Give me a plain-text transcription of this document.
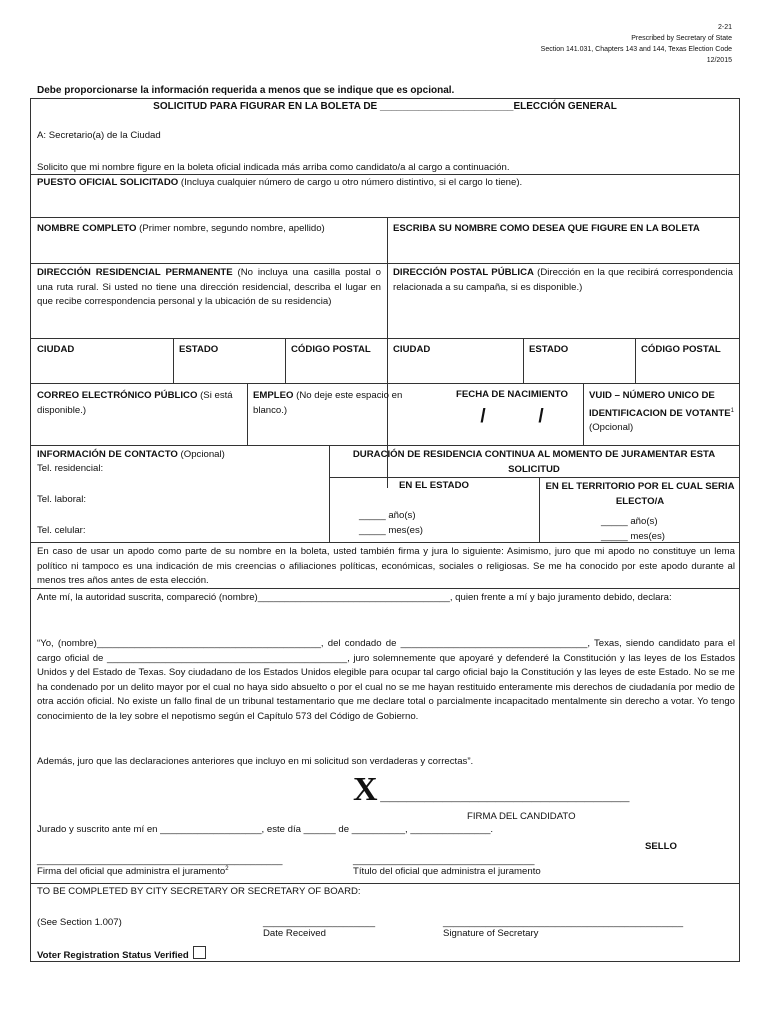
2-21
Prescribed by Secretary of State
Section 141.031, Chapters 143 and 144, Texas Election Code
12/2015
Debe proporcionarse la información requerida a menos que se indique que es opcional.
SOLICITUD PARA FIGURAR EN LA BOLETA DE ________________________ELECCIÓN GENERAL
A: Secretario(a) de la Ciudad
Solicito que mi nombre figure en la boleta oficial indicada más arriba como candidato/a al cargo a continuación.
PUESTO OFICIAL SOLICITADO (Incluya cualquier número de cargo u otro número distintivo, si el cargo lo tiene).
NOMBRE COMPLETO (Primer nombre, segundo nombre, apellido)	ESCRIBA SU NOMBRE COMO DESEA QUE FIGURE EN LA BOLETA
DIRECCIÓN RESIDENCIAL PERMANENTE (No incluya una casilla postal o una ruta rural. Si usted no tiene una dirección residencial, describa el lugar en que recibe correspondencia personal y la ubicación de su residencia)
DIRECCIÓN POSTAL PÚBLICA (Dirección en la que recibirá correspondencia relacionada a su campaña, si es disponible.)
CIUDAD	ESTADO	CÓDIGO POSTAL CIUDAD	ESTADO	CÓDIGO POSTAL
CORREO ELECTRÓNICO PÚBLICO (Si está disponible.)
EMPLEO (No deje este espacio en blanco.)
FECHA DE NACIMIENTO
/          /
VUID – NÚMERO UNICO DE IDENTIFICACION DE VOTANTE$^1$ (Opcional)
INFORMACIÓN DE CONTACTO (Opcional)
Tel. residencial:
Tel. laboral:
Tel. celular:
DURACIÓN DE RESIDENCIA CONTINUA AL MOMENTO DE JURAMENTAR ESTA SOLICITUD
EN EL ESTADO
_____ año(s)
_____ mes(es)
EN EL TERRITORIO POR EL CUAL SERIA ELECTO/A
_____ año(s)
_____ mes(es)
En caso de usar un apodo como parte de su nombre en la boleta, usted también firma y jura lo siguiente: Asimismo, juro que mi apodo no constituye un lema político ni tampoco es una indicación de mis creencias o afiliaciones políticas, económicas, sociales o religiosas. Se me ha conocido por este apodo durante al menos tres años antes de esta elección.
Ante mí, la autoridad suscrita, compareció (nombre)____________________________________, quien frente a mí y bajo juramento debido, declara:
“Yo, (nombre)__________________________________________, del condado de ___________________________________, Texas, siendo candidato para el cargo oficial de _____________________________________________, juro solemnemente que apoyaré y defenderé la Constitución y las leyes de los Estados Unidos y del Estado de Texas. Soy ciudadano de los Estados Unidos elegible para ocupar tal cargo oficial bajo la Constitución y las leyes de este Estado. No se me ha condenado por un delito mayor por el cual no haya sido absuelto o por el cual no se me hayan restituido enteramente mis derechos de ciudadanía por medio de otra acción oficial. No existe un fallo final de un tribunal testamentario que me declare total o parcialmente incapacitado mentalmente sin derecho a votar. Yo tengo conocimiento de la ley sobre el nepotismo según el Capítulo 573 del Código de Gobierno.
Además, juro que las declaraciones anteriores que incluyo en mi solicitud son verdaderas y correctas”.
X ____________________________
FIRMA DEL CANDIDATO
Jurado y suscrito ante mí en ___________________, este día ______ de __________, _______________.
SELLO
______________________________________________
Firma del oficial que administra el juramento$^2$
__________________________________
Título del oficial que administra el juramento
TO BE COMPLETED BY CITY SECRETARY OR SECRETARY OF BOARD:
(See Section 1.007)	_____________________
Date Received
_____________________________________________
Signature of Secretary
Voter Registration Status Verified
